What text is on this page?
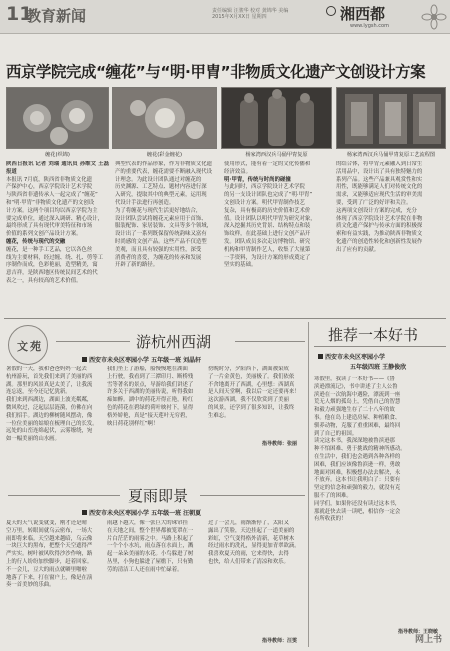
11
教育新闻	责任编辑 汪骏华 校对 龚锦华 美编
2015年X月XX日 星期四	湘西都
www.lygsh.com
西京学院完成“缠花”与“明·甲胄”非物质文化遗产文创设计方案
缠花(织锦)	缠花(彩金缠花)	杨家湾西汉兵马俑甲胄复原	杨家湾西汉兵马俑甲胄复原工艺流程图
陕西日报讯 记者 刘瑞 通讯员 孙维文 王磊 报道
本报讯 7月底，陕西省非物质文化遗
产保护中心，西京学院设计艺术学院
与陕西省非遗传承人一起完成了“缠花”
和“明·甲胄”非物质文化遗产的文创设
计方案。这两个项目均以西京学院为主
要完成单位，通过深入调研、精心设计，
最终形成了具有现代审美特征和市场
价值的系列文创产品设计方案。
缠花，传统与现代的交融
缠花，是一种手工艺品，它以各色丝
线为主要材料，经过缠、绕、扎、剪等工
序制作而成，色彩艳丽，造型精美，寓
意吉祥，是陕西地区传统民间艺术的代
表之一，具有较高的艺术价值。
典型代表的作品形象，作为非物质文化遗
产的重要代表，缠花需要不断融入现代设
计理念。为此设计团队通过对缠花的
历史渊源、工艺特点、题材内容进行深
入研究，提取其中的典型元素，运用现
代设计手法进行再创造。
为了将缠花与现代生活更好地结合，
设计团队尝试将缠花元素应用于首饰、
服装配饰、家居装饰、文具等多个领域，
设计出了一系列既保留传统韵味又富有
时尚感的文创产品。这些产品不仅造型
美观，而且具有较强的实用性，深受
消费者的喜爱，为缠花的传承和发展
开辟了新的路径。
使用形式，能有着一定的文化传播和
经济效益。
明·甲胄，传统与时尚的碰撞
与此同时，西京学院设计艺术学院
的另一支设计团队也完成了“明·甲胄”
文创设计方案。明代甲胄制作技艺
复杂，具有极高的历史价值和艺术价
值。设计团队以明代甲胄为研究对象，
深入挖掘其历史背景、结构特点和装
饰纹样，在此基础上进行文创产品开
发。团队成员多次走访博物馆、研究
机构和甲胄制作艺人，收集了大量第
一手资料，为设计方案的形成奠定了
坚实的基础。
的结合体，将甲胄元素融入到日常生
活用品中，设计出了具有独特魅力的
系列产品。这些产品兼具观赏性和实
用性，既能够满足人们对传统文化的
需求，又能够适应现代生活的审美需
要，受到了广泛的好评和关注。
这两项文创设计方案的完成，充分
体现了西京学院设计艺术学院在非物
质文化遗产保护与传承方面的积极探
索和有益实践，为推动陕西非物质文
化遗产的创造性转化和创新性发展作
出了应有的贡献。
文苑	游杭州西湖
西安市未央区枣园小学 五年级一班 刘晶轩
暑假的一天，我和爸爸妈妈一起去
杭州游玩，首先我们来到了美丽的西
湖。那里的风景真是太美了，让我流
连忘返，至今还记忆犹新。
我们来到西湖边，湖面上波光粼粼，
微风吹过，泛起层层涟漪，仿佛在向
我们招手。湖边的柳树随风摆动，像
一位位美丽的姑娘在梳理自己的长发。
远处的山峦连绵起伏，云雾缭绕，宛
如一幅美丽的山水画。
我们坐上了游船，船慢慢地在湖面
上行驶，我看到了三潭印月、断桥残
雪等著名的景点，导游给我们讲述了
许多关于西湖的美丽传说，听得我如
痴如醉。湖中的荷花开得正艳，粉红
色的荷花在碧绿的荷叶映衬下，显得
格外娇艳，真是“接天莲叶无穷碧，
映日荷花别样红”啊！
傍晚时分，夕阳西下，湖面被染成
了一片金黄色，美丽极了。我们依依
不舍地离开了西湖，心里想：西湖真
是人间天堂啊，我以后一定还要再来！
这次游西湖，我不仅欣赏到了美丽
的风景，还学到了很多知识，让我终
生难忘。
指导教师：张丽
夏雨即景
西安市未央区枣园小学 五年级一班 汪朝夏
夏天的天气说变就变，刚才还是晴
空万里，转眼间就乌云密布，一场大
雨即将来临。天空越来越暗，乌云像
一块巨大的黑布，把整个天空遮得严
严实实。树叶被风吹得沙沙作响，路
上的行人纷纷加快脚步，赶着回家。
不一会儿，豆大的雨点就噼里啪啦
地落了下来，打在窗户上，像是在演
奏一首美妙的乐曲。
雨越下越大，像一张巨大的珠帘挂
在天地之间，整个世界都被笼罩在一
片白茫茫的雨雾之中。马路上积起了
一个个小水坑，雨点落在水面上，溅
起一朵朵美丽的水花。小鸟躲进了树
丛里，小狗也躲进了屋檐下，只有勤
劳的清洁工人还在雨中忙碌着。
过了一会儿，雨渐渐停了，太阳又
露出了笑脸，天边挂起了一道美丽的
彩虹，空气变得格外清新，花草树木
经过雨水的洗礼，显得更加青翠欲滴。
我喜欢夏天的雨，它来得快，去得
也快，给人们带来了清凉和欢乐。
指导教师：汪雯
推荐一本好书
西安市未央区枣园小学
五年级四班 王静俊欣
寒假里，我读了一本好书——《鲁
滨逊漂流记》，书中讲述了主人公鲁
滨逊在一次航海中遇险，漂流到一座
荒无人烟的孤岛上，凭借自己的智慧
和毅力顽强地生存了二十八年的故
事。他在岛上建造房屋、种植粮食、
驯养动物，克服了重重困难，最终回
到了自己的祖国。
读完这本书，我深深地被鲁滨逊那
种不怕困难、勇于挑战的精神所感动。
在生活中，我们也会遇到各种各样的
困难，我们应该像鲁滨逊一样，勇敢
地面对困难，积极想办法去解决，永
不放弃。这本书让我明白了：只要有
坚定的信念和顽强的毅力，就没有克
服不了的困难。
同学们，如果你还没有读过这本书，
那就赶快去读一读吧，相信你一定会
有所收获的！
指导教师：王晓敏
网上书
